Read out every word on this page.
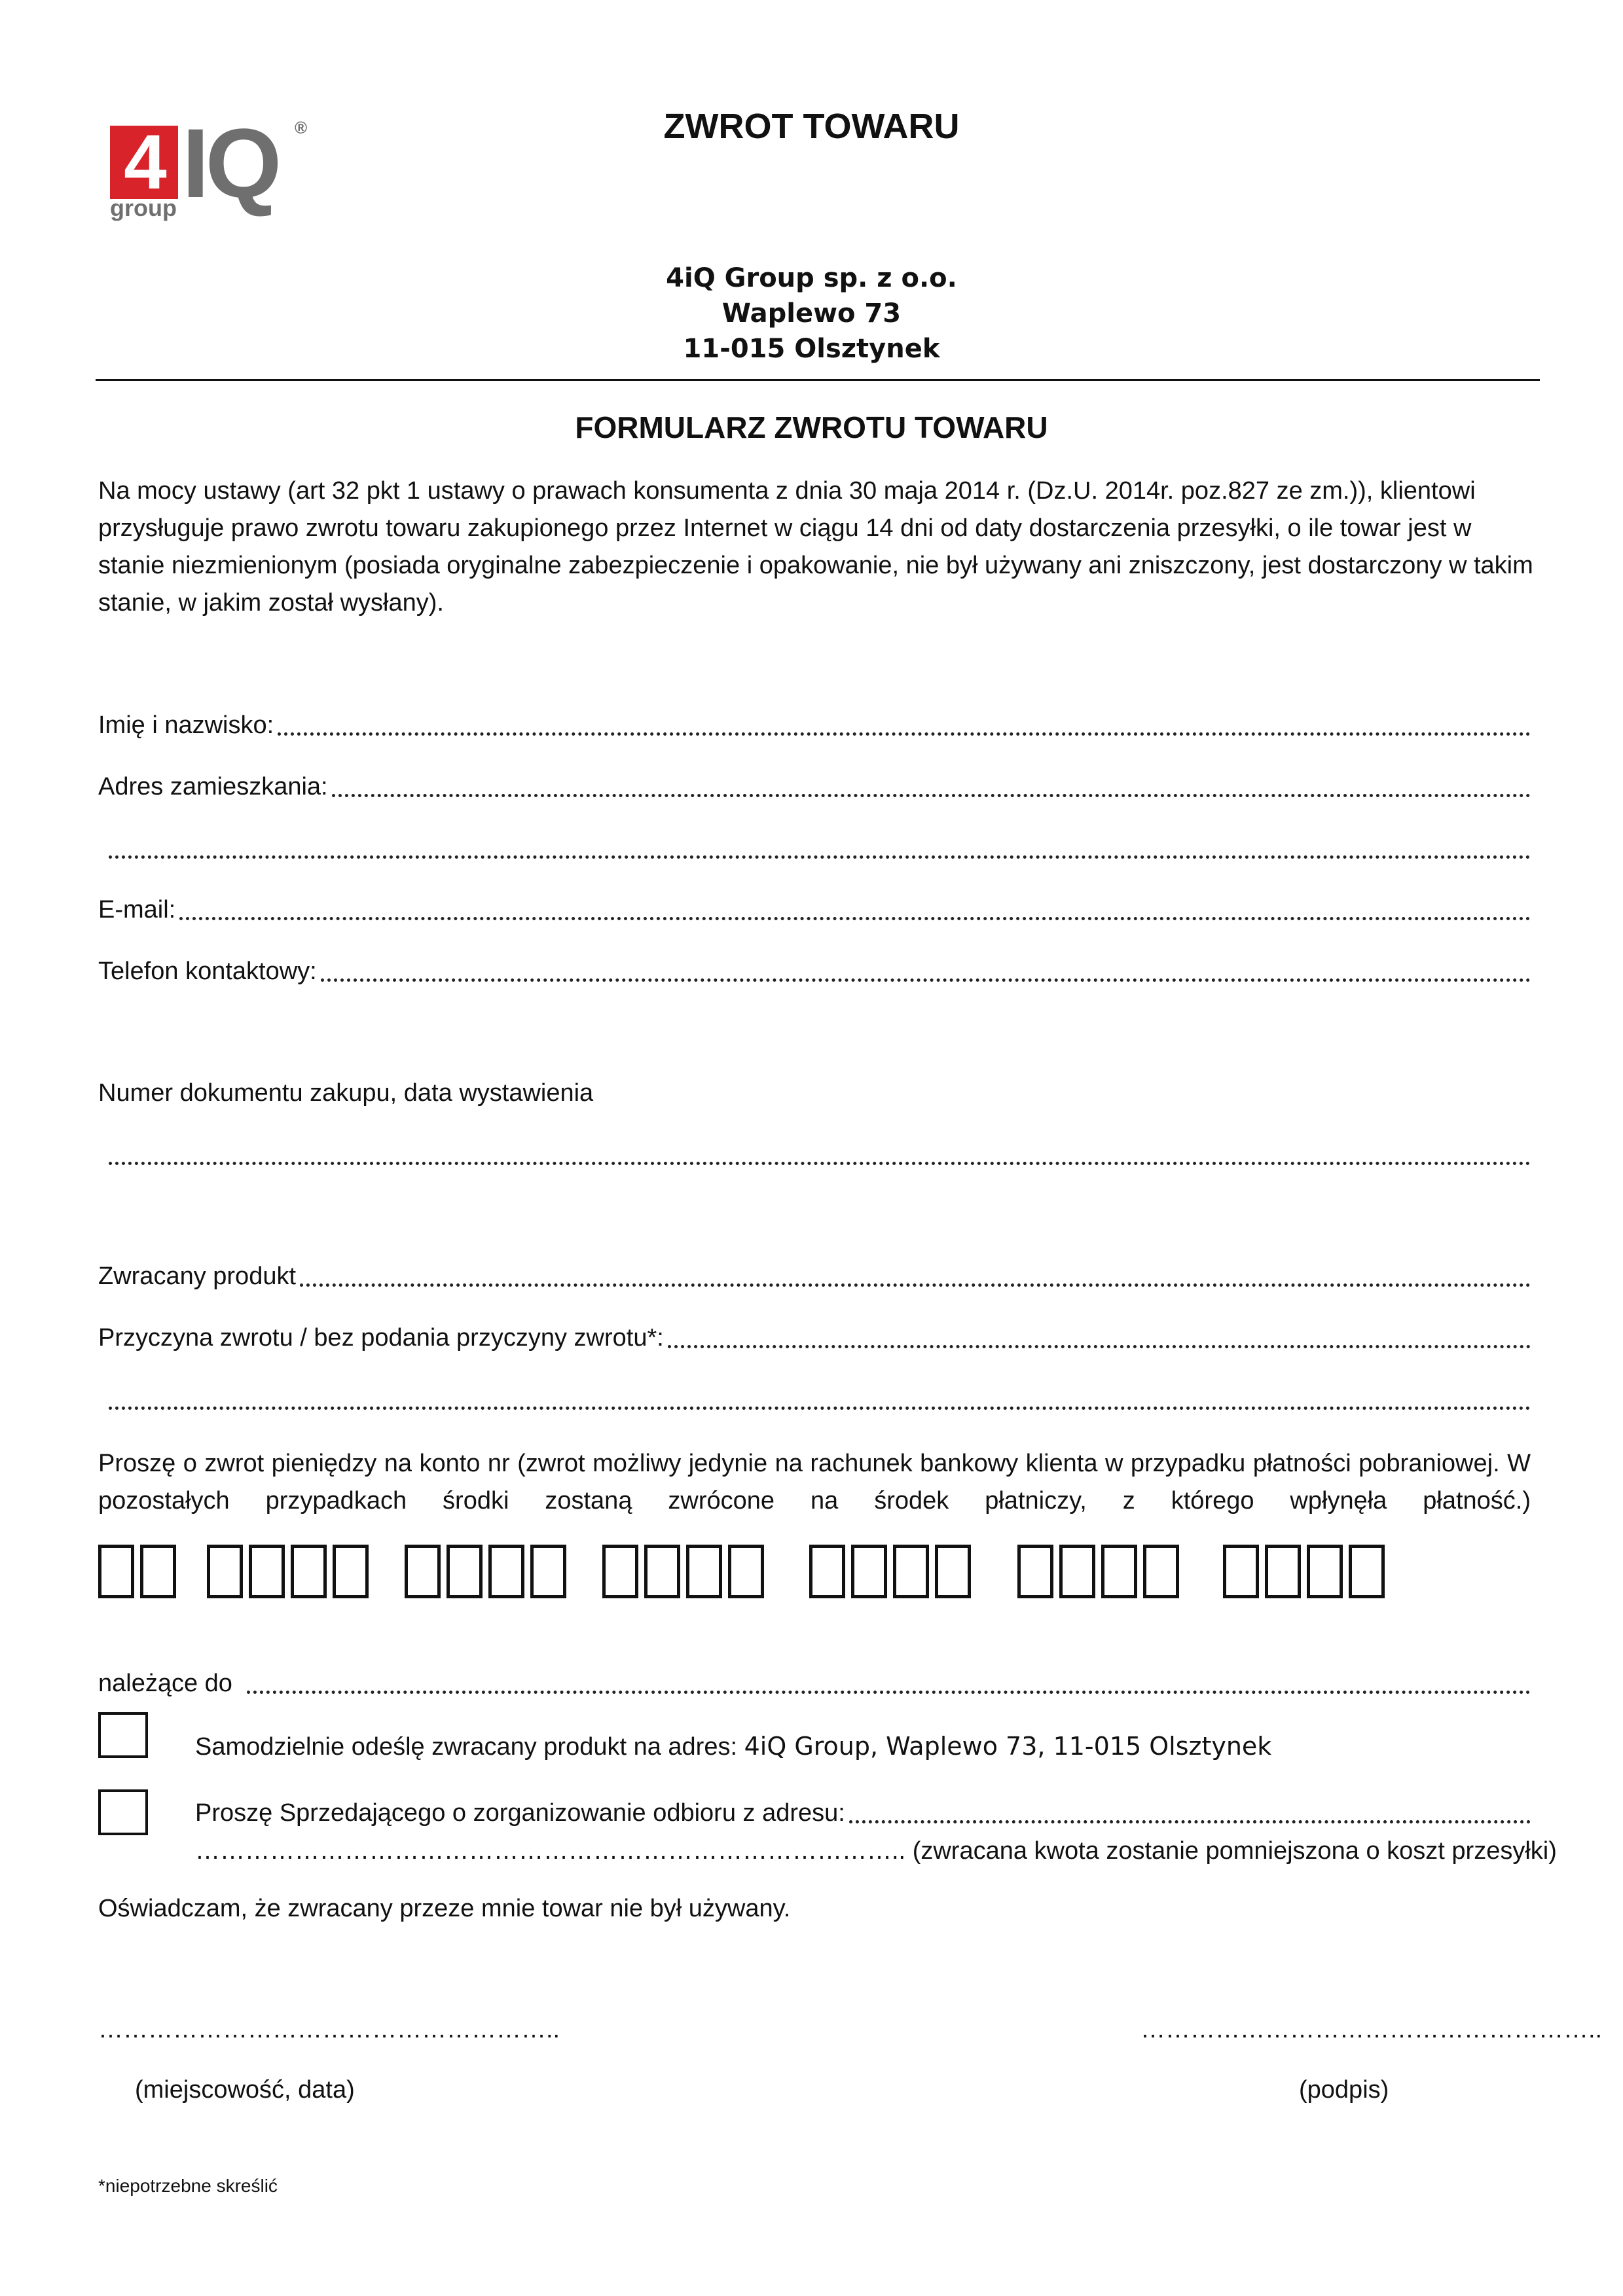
4 IQ ®
group
ZWROT TOWARU
4iQ Group sp. z o.o.
Waplewo 73
11-015 Olsztynek
FORMULARZ ZWROTU TOWARU
Na mocy ustawy (art 32 pkt 1 ustawy o prawach konsumenta z dnia 30 maja 2014 r. (Dz.U. 2014r. poz.827 ze zm.)), klientowi przysługuje prawo zwrotu towaru zakupionego przez Internet w ciągu 14 dni od daty dostarczenia przesyłki, o ile towar jest w stanie niezmienionym (posiada oryginalne zabezpieczenie i opakowanie, nie był używany ani zniszczony, jest dostarczony w takim stanie, w jakim został wysłany).
Imię i nazwisko:
Adres zamieszkania:
E-mail:
Telefon kontaktowy:
Numer dokumentu zakupu, data wystawienia
Zwracany produkt
Przyczyna zwrotu / bez podania przyczyny zwrotu*:
Proszę o zwrot pieniędzy na konto nr (zwrot możliwy jedynie na rachunek bankowy klienta w przypadku płatności pobraniowej. W pozostałych przypadkach środki zostaną zwrócone na środek płatniczy, z którego wpłynęła płatność.)
należące do
Samodzielnie odeślę zwracany produkt na adres: 4iQ Group, Waplewo 73, 11-015 Olsztynek
Proszę Sprzedającego o zorganizowanie odbioru z adresu:
………………………………………………………………………….. (zwracana kwota zostanie pomniejszona o koszt przesyłki)
Oświadczam, że zwracany przeze mnie towar nie był używany.
………………………………………………..	………………………………………………..
(miejscowość, data)	(podpis)
*niepotrzebne skreślić
